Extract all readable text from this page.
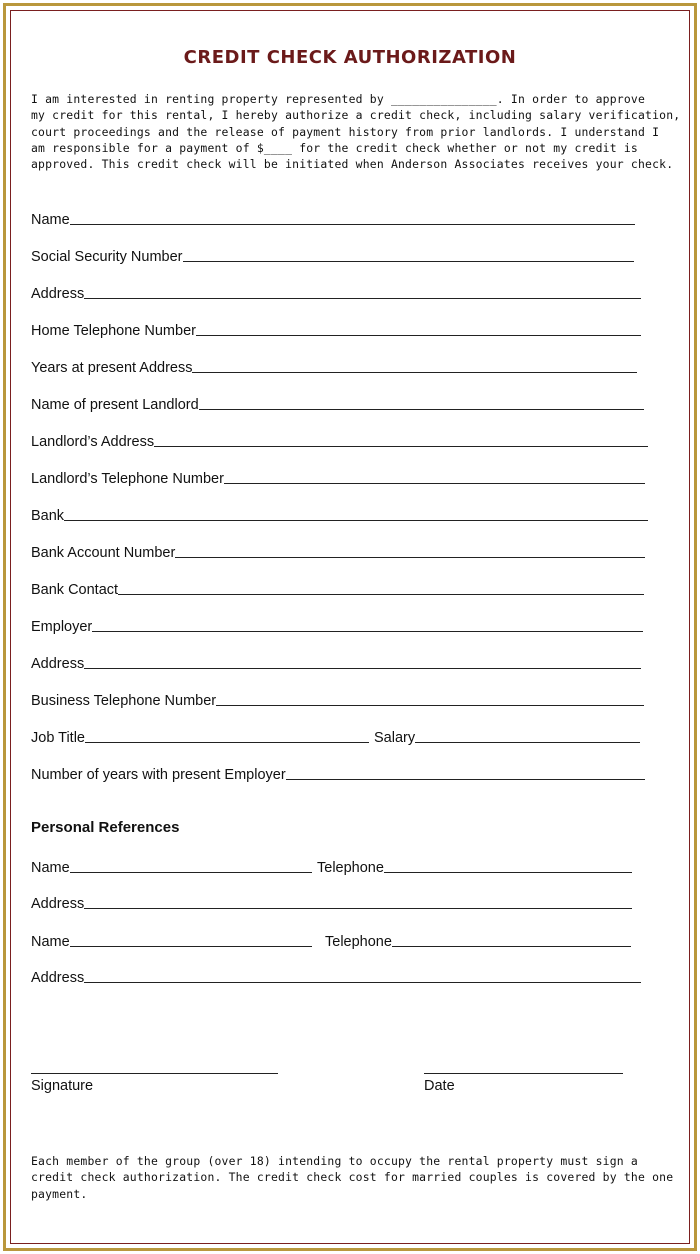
CREDIT CHECK AUTHORIZATION

I am interested in renting property represented by _______________. In order to approve

my credit for this rental, I hereby authorize a credit check, including salary verification,

court proceedings and the release of payment history from prior landlords. I understand I

am responsible for a payment of $____ for the credit check whether or not my credit is

approved. This credit check will be initiated when Anderson Associates receives your check.

Name
Social Security Number
Address
Home Telephone Number
Years at present Address
Name of present Landlord
Landlord’s Address
Landlord’s Telephone Number
Bank
Bank Account Number
Bank Contact
Employer
Address
Business Telephone Number
Job Title	Salary
Number of years with present Employer
Personal References
Name	Telephone
Address
Name	Telephone
Address
Signature	Date

Each member of the group (over 18) intending to occupy the rental property must sign a

credit check authorization. The credit check cost for married couples is covered by the one

payment.
